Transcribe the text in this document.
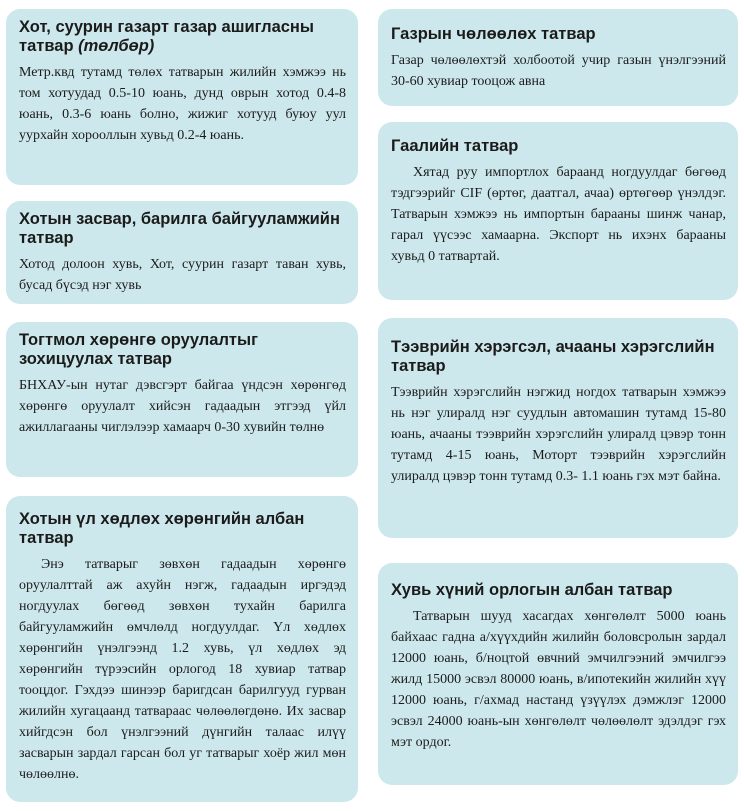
Хот, суурин газарт газар ашигласны татвар (төлбөр)

Метр.квд тутамд төлөх татварын жилийн хэмжээ нь том хотуудад 0.5-10 юань, дунд оврын хотод 0.4-8 юань, 0.3-6 юань болно, жижиг хотууд буюу уул уурхайн хорооллын хувьд 0.2-4 юань.

Хотын засвар, барилга байгууламжийн татвар

Хотод долоон хувь, Хот, суурин газарт таван хувь, бусад бүсэд нэг хувь

Тогтмол хөрөнгө оруулалтыг зохицуулах татвар

БНХАУ-ын нутаг дэвсгэрт байгаа үндсэн хөрөнгөд хөрөнгө оруулалт хийсэн гадаадын этгээд үйл ажиллагааны чиглэлээр хамаарч 0-30 хувийн төлнө

Хотын үл хөдлөх хөрөнгийн албан татвар

Энэ татварыг зөвхөн гадаадын хөрөнгө оруулалттай аж ахуйн нэгж, гадаадын иргэдэд ногдуулах бөгөөд зөвхөн тухайн барилга байгууламжийн өмчлөлд ногдуулдаг. Үл хөдлөх хөрөнгийн үнэлгээнд 1.2 хувь, үл хөдлөх эд хөрөнгийн түрээсийн орлогод 18 хувиар татвар тооцдог. Гэхдээ шинээр баригдсан барилгууд гурван жилийн хугацаанд татвараас чөлөөлөгдөнө. Их засвар хийгдсэн бол үнэлгээний дүнгийн талаас илүү засварын зардал гарсан бол уг татварыг хоёр жил мөн чөлөөлнө.

Газрын чөлөөлөх татвар

Газар чөлөөлөхтэй холбоотой учир газын үнэлгээний 30-60 хувиар тооцож авна

Гаалийн татвар

Хятад руу импортлох бараанд ногдуулдаг бөгөөд тэдгээрийг CIF (өртөг, даатгал, ачаа) өртөгөөр үнэлдэг. Татварын хэмжээ нь импортын барааны шинж чанар, гарал үүсээс хамаарна. Экспорт нь ихэнх барааны хувьд 0 татвартай.

Тээврийн хэрэгсэл, ачааны хэрэгслийн татвар

Тээврийн хэрэгслийн нэгжид ногдох татварын хэмжээ нь нэг улиралд нэг суудлын автомашин тутамд 15-80 юань, ачааны тээврийн хэрэгслийн улиралд цэвэр тонн тутамд 4-15 юань, Моторт тээврийн хэрэгслийн улиралд цэвэр тонн тутамд 0.3- 1.1 юань гэх мэт байна.

Хувь хүний орлогын албан татвар

Татварын шууд хасагдах хөнгөлөлт 5000 юань байхаас гадна а/хүүхдийн жилийн боловсролын зардал 12000 юань, б/ноцтой өвчний эмчилгээний эмчилгээ жилд 15000 эсвэл 80000 юань, в/ипотекийн жилийн хүү 12000 юань, г/ахмад настанд үзүүлэх дэмжлэг 12000 эсвэл 24000 юань-ын хөнгөлөлт чөлөөлөлт эдэлдэг гэх мэт ордог.
